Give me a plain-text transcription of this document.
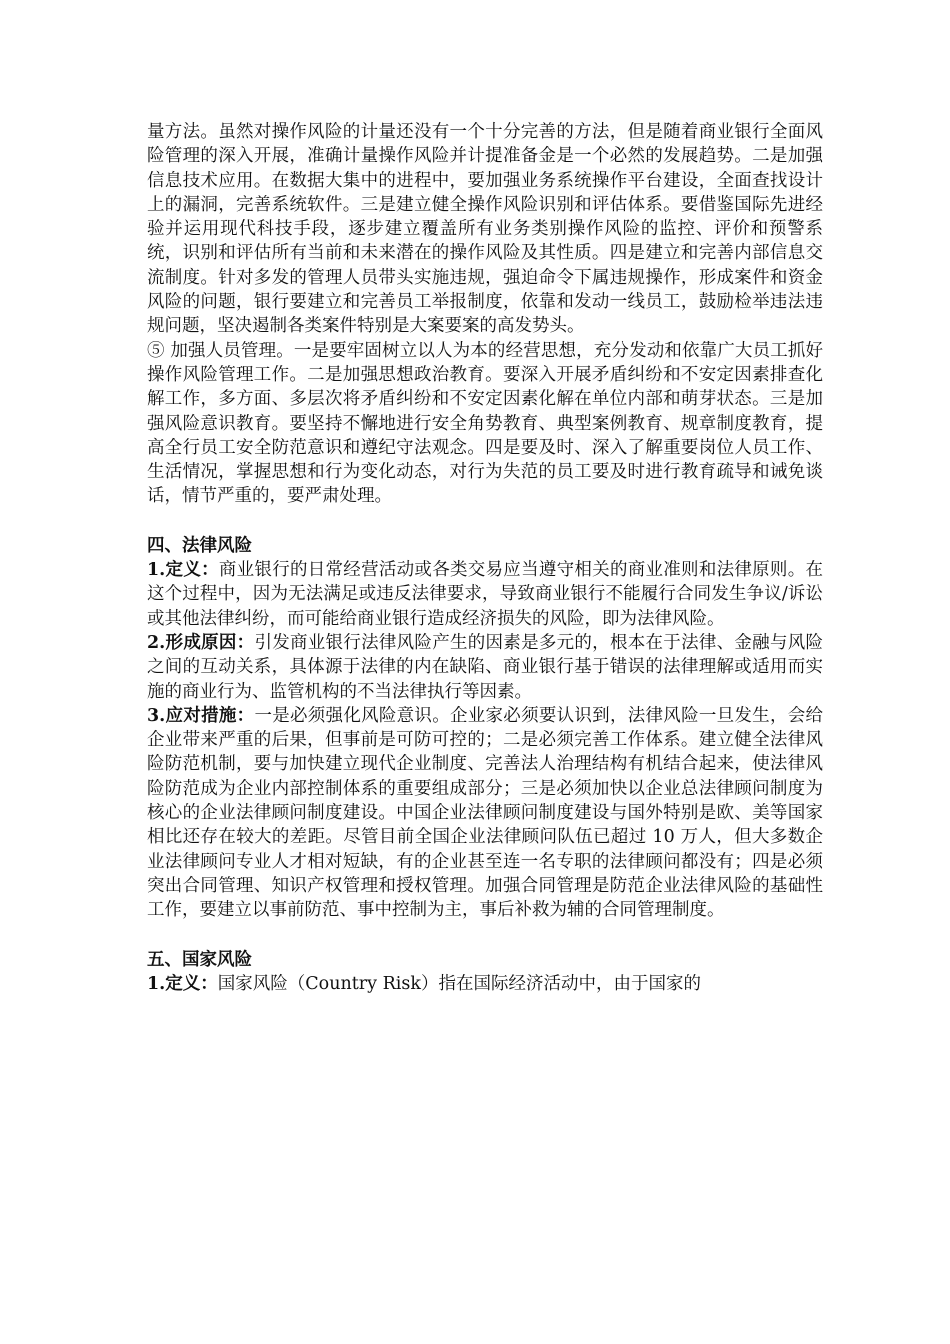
量方法。虽然对操作风险的计量还没有一个十分完善的方法，但是随着商业银行全面风险管理的深入开展，准确计量操作风险并计提准备金是一个必然的发展趋势。二是加强信息技术应用。在数据大集中的进程中，要加强业务系统操作平台建设，全面查找设计上的漏洞，完善系统软件。三是建立健全操作风险识别和评估体系。要借鉴国际先进经验并运用现代科技手段，逐步建立覆盖所有业务类别操作风险的监控、评价和预警系统，识别和评估所有当前和未来潜在的操作风险及其性质。四是建立和完善内部信息交流制度。针对多发的管理人员带头实施违规，强迫命令下属违规操作，形成案件和资金风险的问题，银行要建立和完善员工举报制度，依靠和发动一线员工，鼓励检举违法违规问题，坚决遏制各类案件特别是大案要案的高发势头。

⑤ 加强人员管理。一是要牢固树立以人为本的经营思想，充分发动和依靠广大员工抓好操作风险管理工作。二是加强思想政治教育。要深入开展矛盾纠纷和不安定因素排查化解工作，多方面、多层次将矛盾纠纷和不安定因素化解在单位内部和萌芽状态。三是加强风险意识教育。要坚持不懈地进行安全角势教育、典型案例教育、规章制度教育，提高全行员工安全防范意识和遵纪守法观念。四是要及时、深入了解重要岗位人员工作、生活情况，掌握思想和行为变化动态，对行为失范的员工要及时进行教育疏导和诫免谈话，情节严重的，要严肃处理。

四、法律风险

1.定义：商业银行的日常经营活动或各类交易应当遵守相关的商业准则和法律原则。在这个过程中，因为无法满足或违反法律要求，导致商业银行不能履行合同发生争议/诉讼或其他法律纠纷，而可能给商业银行造成经济损失的风险，即为法律风险。

2.形成原因：引发商业银行法律风险产生的因素是多元的，根本在于法律、金融与风险之间的互动关系，具体源于法律的内在缺陷、商业银行基于错误的法律理解或适用而实施的商业行为、监管机构的不当法律执行等因素。

3.应对措施：一是必须强化风险意识。企业家必须要认识到，法律风险一旦发生，会给企业带来严重的后果，但事前是可防可控的；二是必须完善工作体系。建立健全法律风险防范机制，要与加快建立现代企业制度、完善法人治理结构有机结合起来，使法律风险防范成为企业内部控制体系的重要组成部分；三是必须加快以企业总法律顾问制度为核心的企业法律顾问制度建设。中国企业法律顾问制度建设与国外特别是欧、美等国家相比还存在较大的差距。尽管目前全国企业法律顾问队伍已超过 10 万人，但大多数企业法律顾问专业人才相对短缺，有的企业甚至连一名专职的法律顾问都没有；四是必须突出合同管理、知识产权管理和授权管理。加强合同管理是防范企业法律风险的基础性工作，要建立以事前防范、事中控制为主，事后补救为辅的合同管理制度。

五、国家风险

1.定义：国家风险（Country Risk）指在国际经济活动中，由于国家的
